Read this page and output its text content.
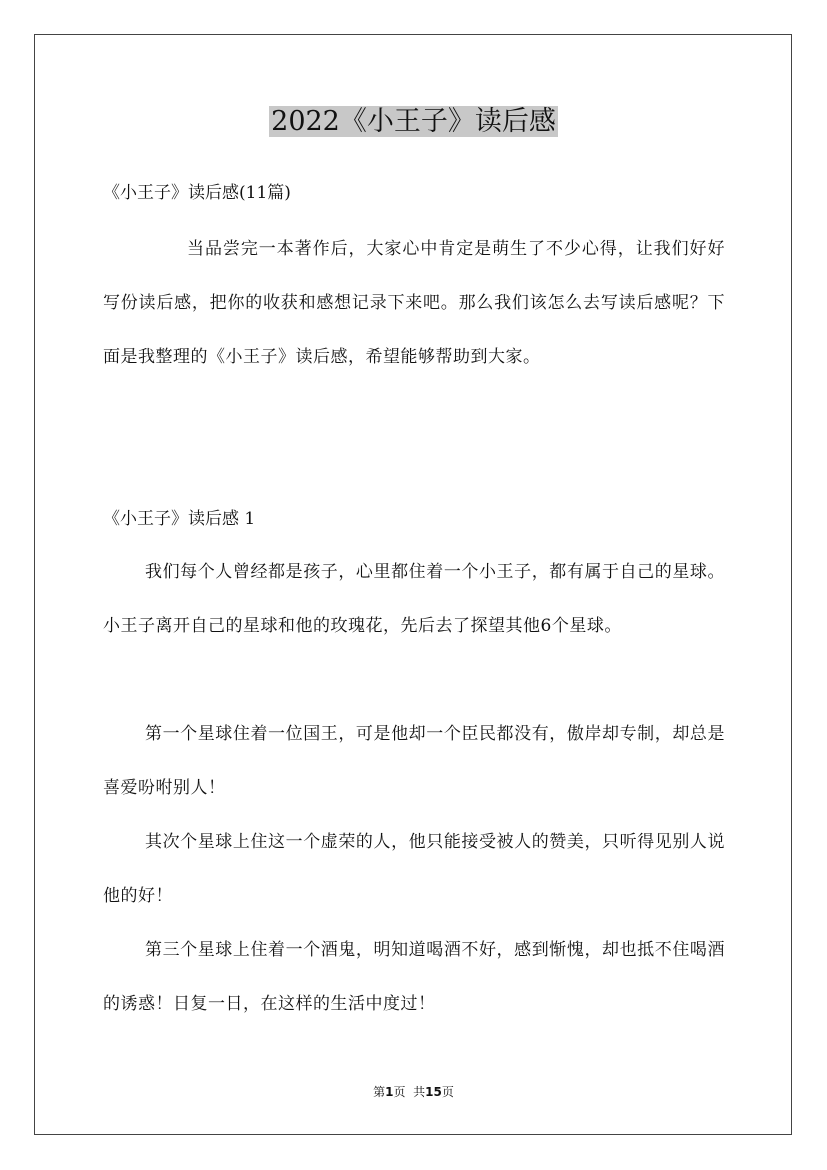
2022《小王子》读后感
《小王子》读后感(11篇)
当品尝完一本著作后，大家心中肯定是萌生了不少心得，让我们好好写份读后感，把你的收获和感想记录下来吧。那么我们该怎么去写读后感呢？下面是我整理的《小王子》读后感，希望能够帮助到大家。
《小王子》读后感 1
我们每个人曾经都是孩子，心里都住着一个小王子，都有属于自己的星球。小王子离开自己的星球和他的玫瑰花，先后去了探望其他6个星球。
第一个星球住着一位国王，可是他却一个臣民都没有，傲岸却专制，却总是喜爱吩咐别人！
其次个星球上住这一个虚荣的人，他只能接受被人的赞美，只听得见别人说他的好！
第三个星球上住着一个酒鬼，明知道喝酒不好，感到惭愧，却也抵不住喝酒的诱惑！日复一日，在这样的生活中度过！
第1页 共15页
